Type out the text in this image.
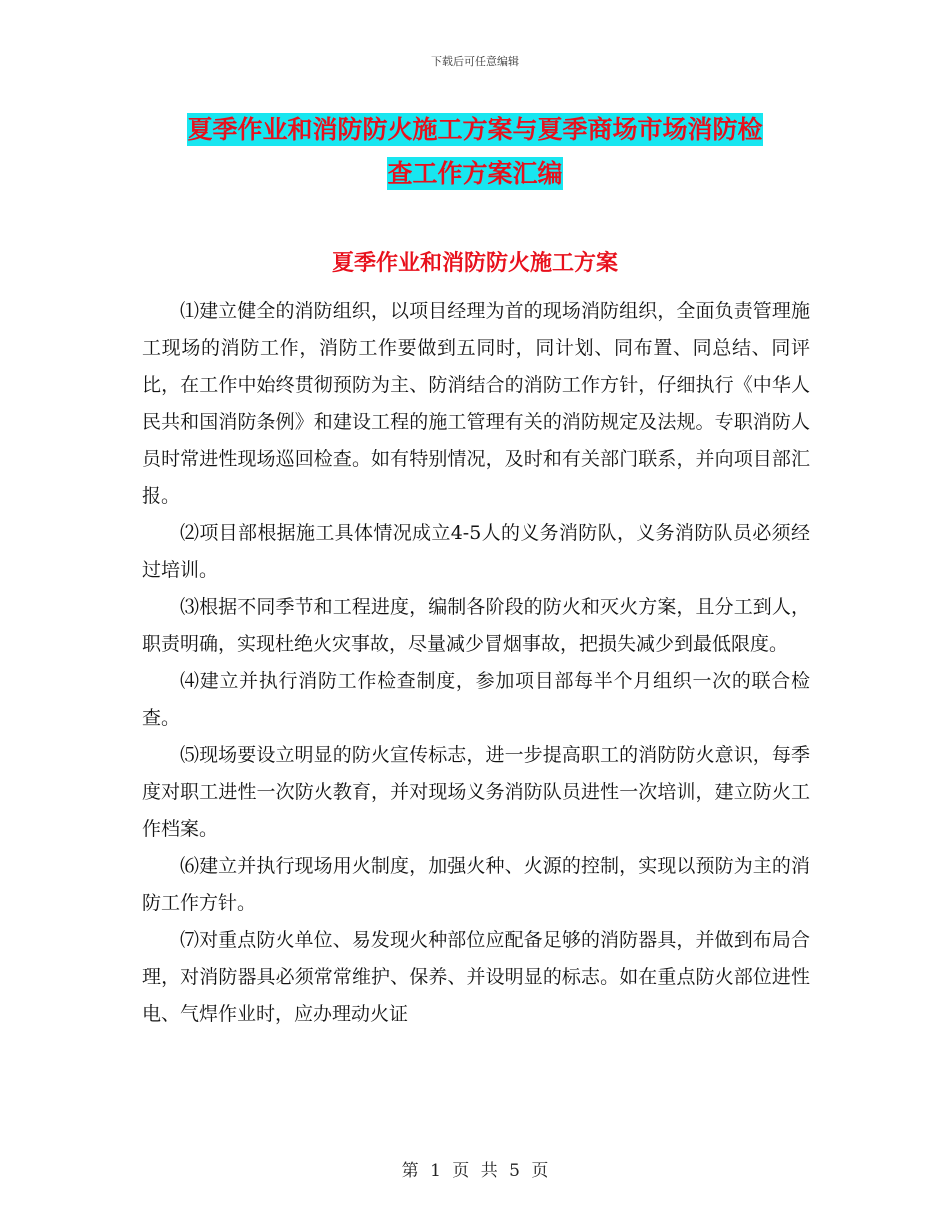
下载后可任意编辑
夏季作业和消防防火施工方案与夏季商场市场消防检
查工作方案汇编
夏季作业和消防防火施工方案

⑴建立健全的消防组织，以项目经理为首的现场消防组织，全面负责管理施工现场的消防工作，消防工作要做到五同时，同计划、同布置、同总结、同评比，在工作中始终贯彻预防为主、防消结合的消防工作方针，仔细执行《中华人民共和国消防条例》和建设工程的施工管理有关的消防规定及法规。专职消防人员时常进性现场巡回检查。如有特别情况，及时和有关部门联系，并向项目部汇报。

⑵项目部根据施工具体情况成立4-5人的义务消防队，义务消防队员必须经过培训。

⑶根据不同季节和工程进度，编制各阶段的防火和灭火方案，且分工到人，职责明确，实现杜绝火灾事故，尽量减少冒烟事故，把损失减少到最低限度。

⑷建立并执行消防工作检查制度，参加项目部每半个月组织一次的联合检查。

⑸现场要设立明显的防火宣传标志，进一步提高职工的消防防火意识，每季度对职工进性一次防火教育，并对现场义务消防队员进性一次培训，建立防火工作档案。

⑹建立并执行现场用火制度，加强火种、火源的控制，实现以预防为主的消防工作方针。

⑺对重点防火单位、易发现火种部位应配备足够的消防器具，并做到布局合理，对消防器具必须常常维护、保养、并设明显的标志。如在重点防火部位进性电、气焊作业时，应办理动火证

第 1 页 共 5 页
